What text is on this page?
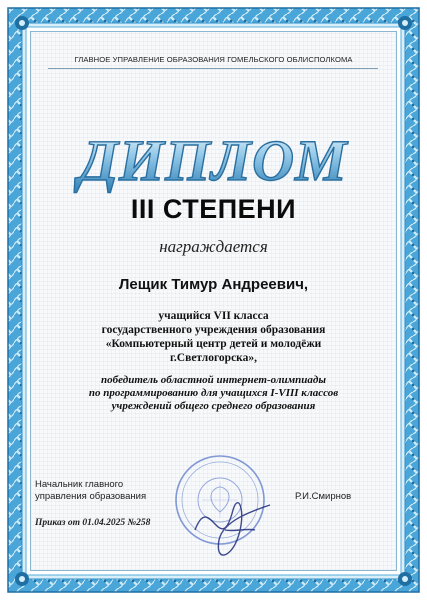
ГЛАВНОЕ УПРАВЛЕНИЕ ОБРАЗОВАНИЯ ГОМЕЛЬСКОГО ОБЛИСПОЛКОМА
ДИПЛОМ
III СТЕПЕНИ
награждается
Лещик Тимур Андреевич,
учащийся VII класса
государственного учреждения образования
«Компьютерный центр детей и молодёжи
г.Светлогорска»,
победитель областной интернет-олимпиады
по программированию для учащихся I-VIII классов
учреждений общего среднего образования
Начальник главного
управления образования	Р.И.Смирнов
Приказ от 01.04.2025 №258
